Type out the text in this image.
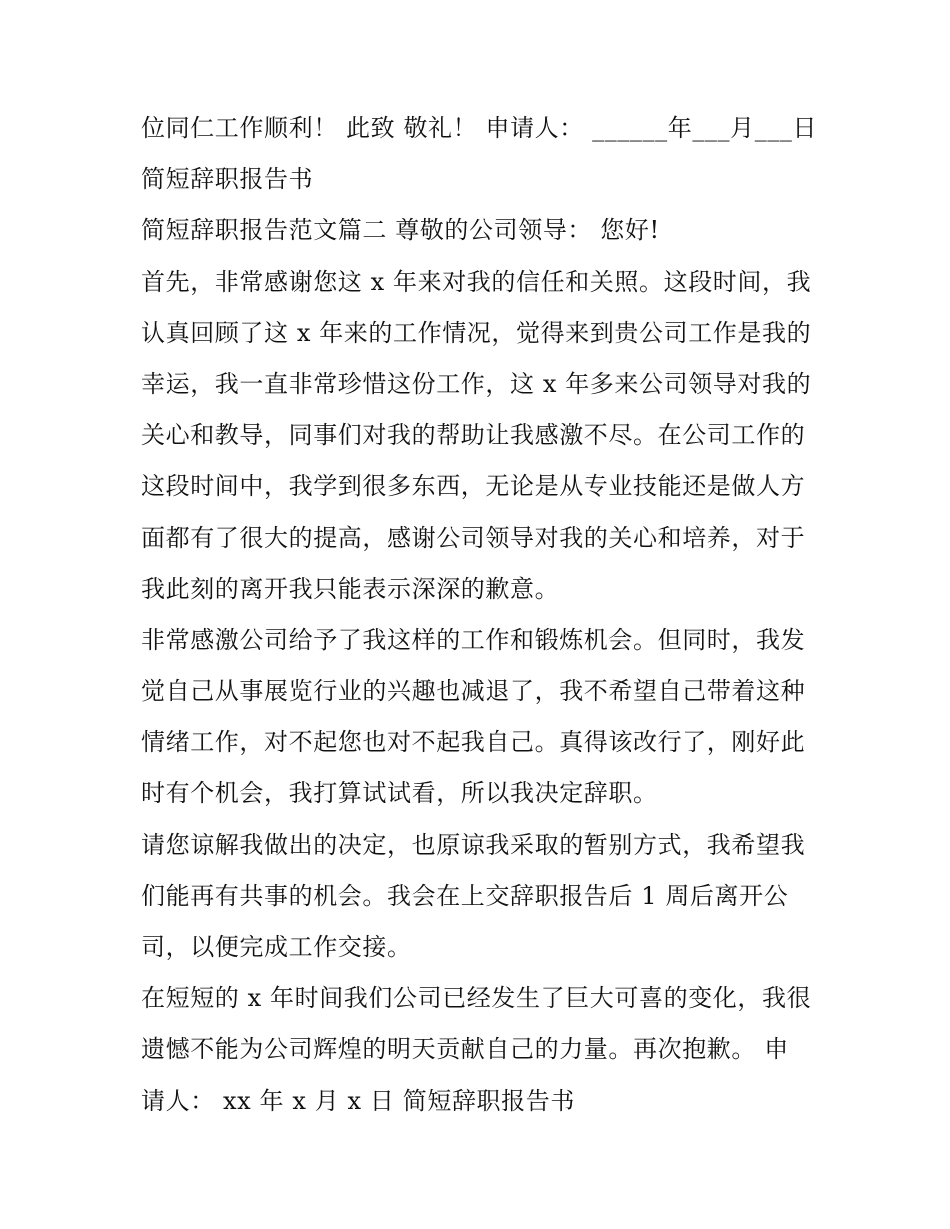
位同仁工作顺利！ 此致 敬礼！ 申请人： ______年___月___日
简短辞职报告书
简短辞职报告范文篇二 尊敬的公司领导： 您好!
首先，非常感谢您这 x 年来对我的信任和关照。这段时间，我
认真回顾了这 x 年来的工作情况，觉得来到贵公司工作是我的
幸运，我一直非常珍惜这份工作，这 x 年多来公司领导对我的
关心和教导，同事们对我的帮助让我感激不尽。在公司工作的
这段时间中，我学到很多东西，无论是从专业技能还是做人方
面都有了很大的提高，感谢公司领导对我的关心和培养，对于
我此刻的离开我只能表示深深的歉意。
非常感激公司给予了我这样的工作和锻炼机会。但同时，我发
觉自己从事展览行业的兴趣也减退了，我不希望自己带着这种
情绪工作，对不起您也对不起我自己。真得该改行了，刚好此
时有个机会，我打算试试看，所以我决定辞职。
请您谅解我做出的决定，也原谅我采取的暂别方式，我希望我
们能再有共事的机会。我会在上交辞职报告后 1 周后离开公
司，以便完成工作交接。
在短短的 x 年时间我们公司已经发生了巨大可喜的变化，我很
遗憾不能为公司辉煌的明天贡献自己的力量。再次抱歉。 申
请人： xx 年 x 月 x 日 简短辞职报告书
